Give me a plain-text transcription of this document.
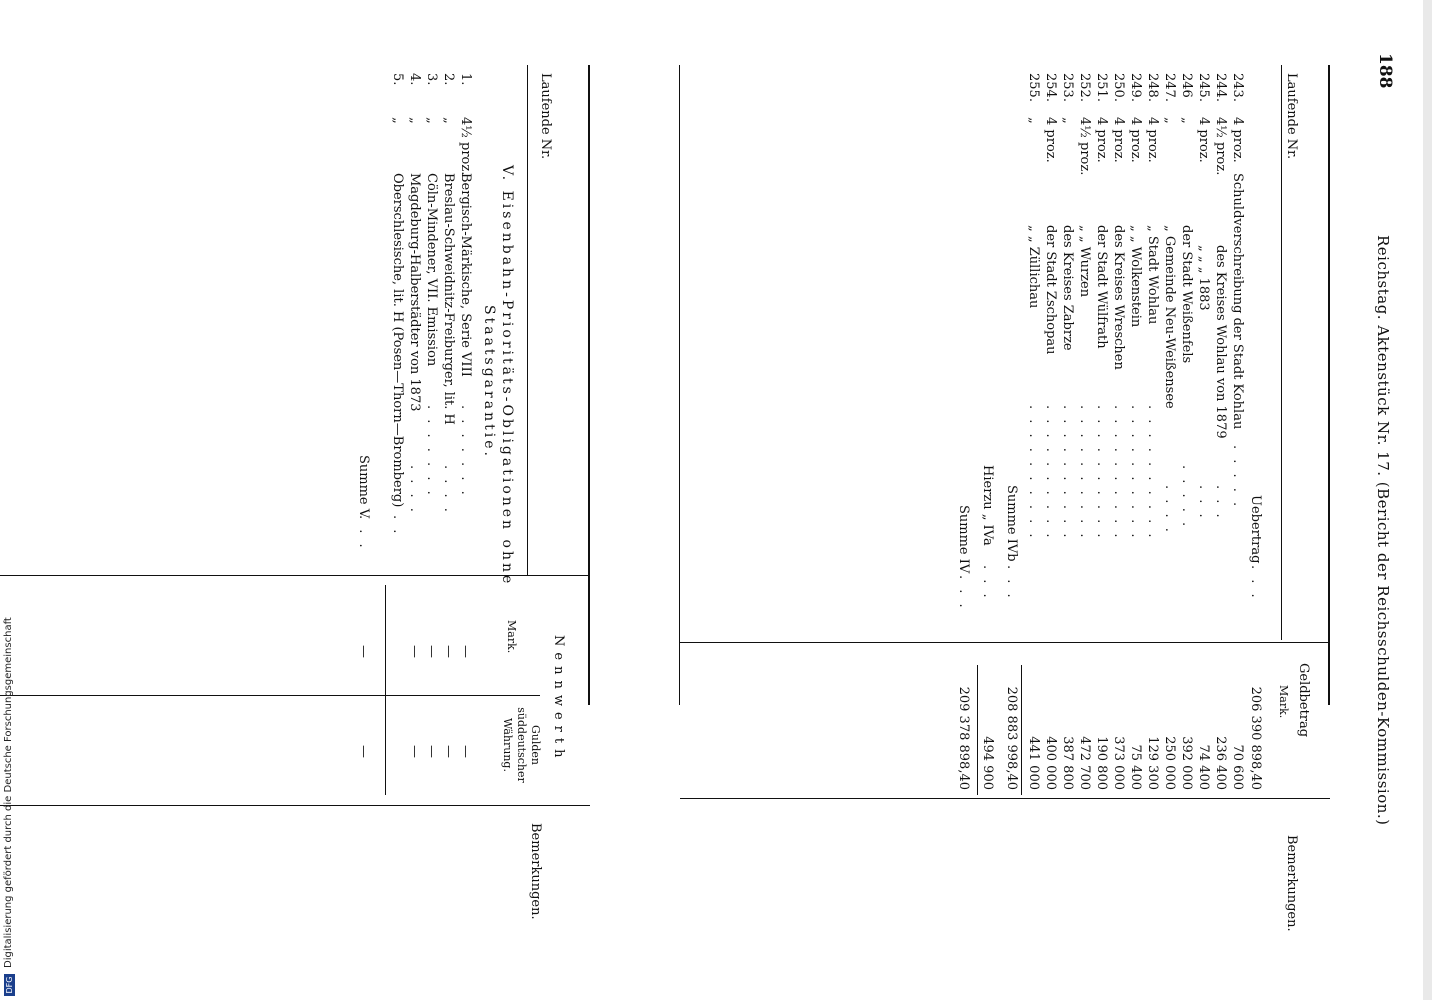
188
Reichstag. Aktenstück Nr. 17. (Bericht der Reichsschulden-Kommission.)
Laufende Nr.
Geldbetrag
Mark.
Bemerkungen.
Uebertrag
. . .
206 390 898,40
243.
4 proz.
Schuldverschreibung der Stadt Kohlau
. . . . .
70 600
244.
4½ proz.
des Kreises Wohlau von 1879
. . .
236 400
245.
4 proz.
„ „ „ 1883
. . .
74 400
246
„
der Stadt Weißenfels
. . . . .
392 000
247.
„
„ Gemeinde Neu-Weißensee
. . . .
250 000
248.
4 proz.
„ Stadt Wohlau
. . . . . . . . . .
129 300
249.
4 proz.
„ „ Wolkenstein
. . . . . . . . . .
75 400
250.
4 proz.
des Kreises Wreschen
. . . . . . . . . .
373 000
251.
4 proz.
der Stadt Wülfrath
. . . . . . . . . .
190 800
252.
4½ proz.
„ „ Wurzen
. . . . . . . . . .
472 700
253.
„
des Kreises Zabrze
. . . . . . . . . .
387 800
254.
4 proz.
der Stadt Zschopau
. . . . . . . . . .
400 000
255.
„
„ „ Züllichau
. . . . . . . . . .
441 000
Summe IVb
. . .
208 883 998,40
Hierzu „ IVa
. . .
494 900
Summe IV
. . .
209 378 898,40
Laufende Nr.
Nennwerth
Mark.
Gulden süddeutscher Währung.
Bemerkungen.
V. Eisenbahn-Prioritäts-Obligationen ohne
Staatsgarantie.
1.
4½ proz.
Bergisch-Märkische, Serie VIII
. . . . . . .
—
—
2.
„
Breslau-Schweidnitz-Freiburger, lit. H
. . . .
—
—
3.
„
Cöln-Mindener, VII. Emission
. . . . . . .
—
—
4.
„
Magdeburg-Halberstädter von 1873
. . . .
—
—
5.
„
Oberschlesische, lit. H (Posen—Thorn—Bromberg)
. .
Summe V
. . .
—
—
DFG
Digitalisierung gefördert durch die Deutsche Forschungsgemeinschaft
